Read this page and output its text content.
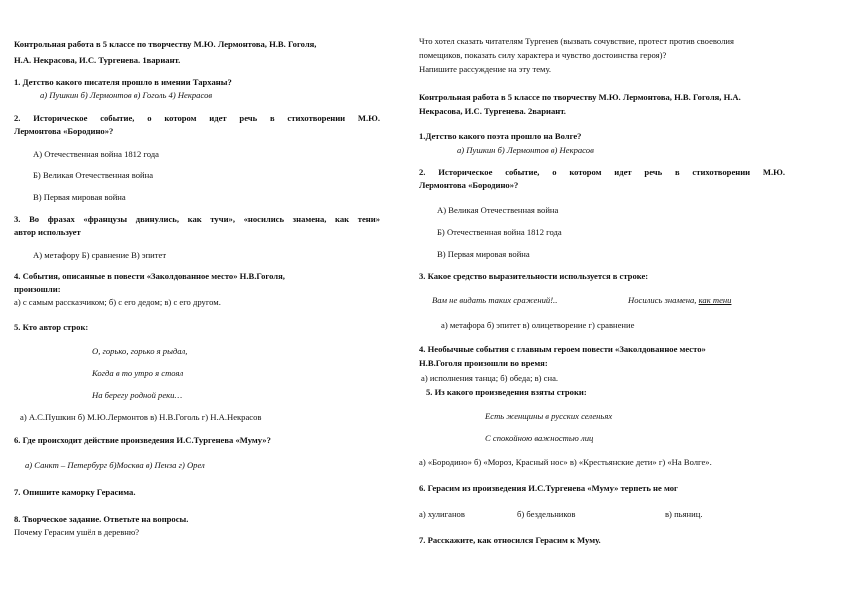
Контрольная работа в 5 классе по творчеству М.Ю. Лермонтова, Н.В. Гоголя,
Н.А. Некрасова, И.С. Тургенева. 1вариант.
1. Детство какого писателя прошло в имении Тарханы?
а) Пушкин б) Лермонтов в) Гоголь 4) Некрасов
2. Историческое событие, о котором идет речь в стихотворении М.Ю.
Лермонтова «Бородино»?
А) Отечественная война 1812 года
Б) Великая Отечественная война
В) Первая мировая война
3. Во фразах «французы двинулись, как тучи», «носились знамена, как тени»
автор использует
А) метафору Б) сравнение В) эпитет
4. События, описанные в повести «Заколдованное место» Н.В.Гоголя,
произошли:
а) с самым рассказчиком; б) с его дедом; в) с его другом.
5. Кто автор строк:
О, горько, горько я рыдал,
Когда в то утро я стоял
На берегу родной реки…
а) А.С.Пушкин б) М.Ю.Лермонтов в) Н.В.Гоголь г) Н.А.Некрасов
6. Где происходит действие произведения И.С.Тургенева «Муму»?
а) Санкт – Петербург б)Москва в) Пенза г) Орел
7. Опишите каморку Герасима.
8. Творческое задание. Ответьте на вопросы.
Почему Герасим ушёл в деревню?
Что хотел сказать читателям Тургенев (вызвать сочувствие, протест против своеволия
помещиков, показать силу характера и чувство достоинства героя)?
Напишите рассуждение на эту тему.
Контрольная работа в 5 классе по творчеству М.Ю. Лермонтова, Н.В. Гоголя, Н.А.
Некрасова, И.С. Тургенева. 2вариант.
1.Детство какого поэта прошло на Волге?
а) Пушкин б) Лермонтов в) Некрасов
2. Историческое событие, о котором идет речь в стихотворении М.Ю.
Лермонтова «Бородино»?
А) Великая Отечественная война
Б) Отечественная война 1812 года
В) Первая мировая война
3. Какое средство выразительности используется в строке:
Вам не видать таких сражений!..	Носились знамена, как тени
а) метафора б) эпитет в) олицетворение г) сравнение
4. Необычные события с главным героем повести «Заколдованное место»
Н.В.Гоголя произошли во время:
а) исполнения танца; б) обеда; в) сна.
5. Из какого произведения взяты строки:
Есть женщины в русских селеньях
С спокойною важностью лиц
а) «Бородино» б) «Мороз, Красный нос» в) «Крестьянские дети» г) «На Волге».
6. Герасим из произведения И.С.Тургенева «Муму» терпеть не мог
а) хулиганов	б) бездельников	в) пьяниц.
7. Расскажите, как относился Герасим к Муму.
